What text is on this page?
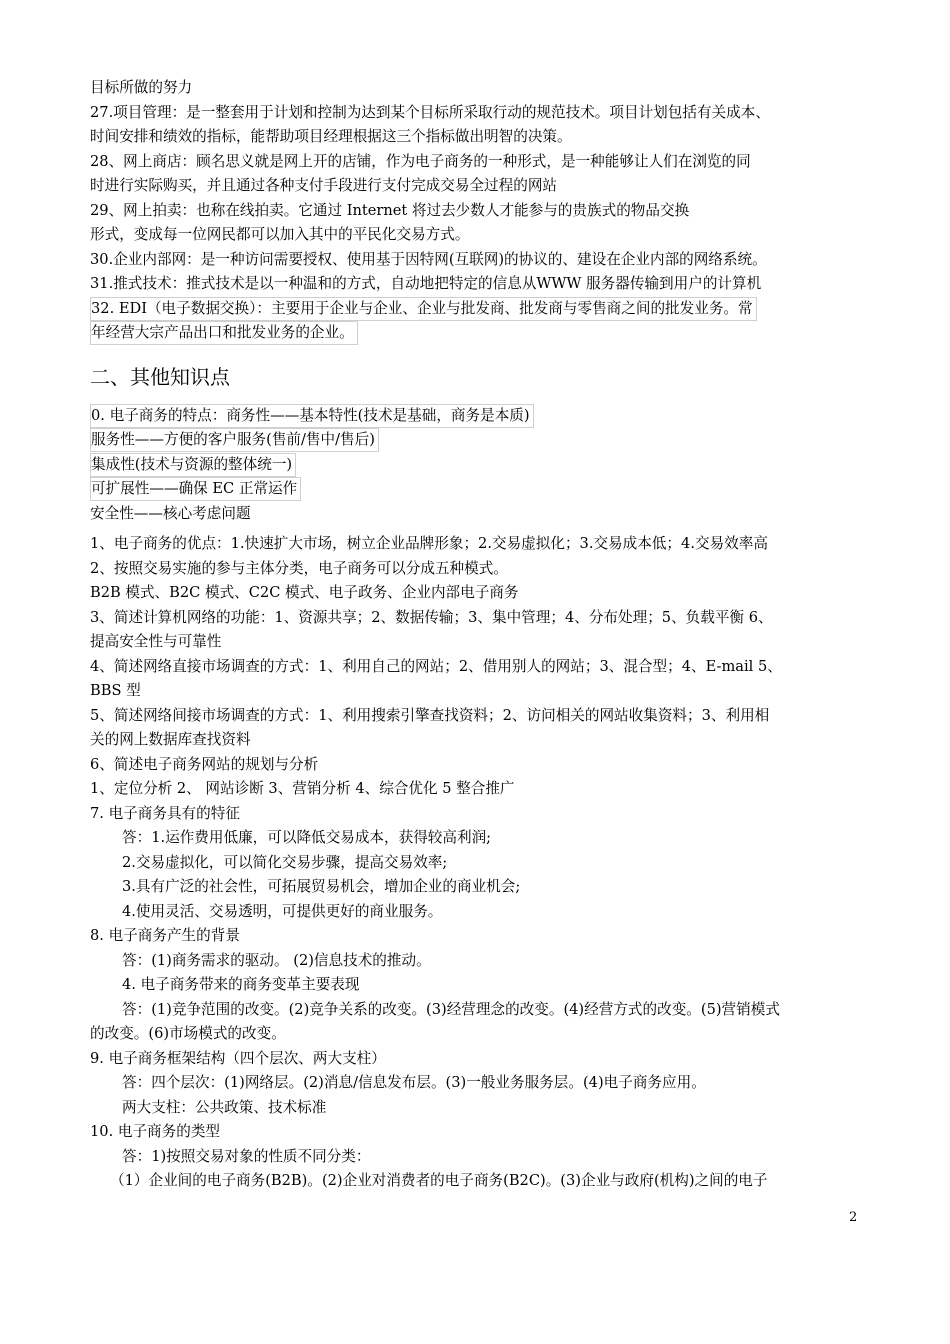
目标所做的努力
27.项目管理：是一整套用于计划和控制为达到某个目标所采取行动的规范技术。项目计划包括有关成本、
时间安排和绩效的指标，能帮助项目经理根据这三个指标做出明智的决策。
28、网上商店：顾名思义就是网上开的店铺，作为电子商务的一种形式，是一种能够让人们在浏览的同
时进行实际购买，并且通过各种支付手段进行支付完成交易全过程的网站
29、网上拍卖：也称在线拍卖。它通过 Internet 将过去少数人才能参与的贵族式的物品交换
形式，变成每一位网民都可以加入其中的平民化交易方式。
30.企业内部网：是一种访问需要授权、使用基于因特网(互联网)的协议的、建设在企业内部的网络系统。
31.推式技术：推式技术是以一种温和的方式，自动地把特定的信息从WWW 服务器传输到用户的计算机
32. EDI（电子数据交换）：主要用于企业与企业、企业与批发商、批发商与零售商之间的批发业务。常
年经营大宗产品出口和批发业务的企业。
二、其他知识点
0. 电子商务的特点：商务性——基本特性(技术是基础，商务是本质)
服务性——方便的客户服务(售前/售中/售后)
集成性(技术与资源的整体统一)
可扩展性——确保 EC 正常运作
安全性——核心考虑问题
1、电子商务的优点：1.快速扩大市场，树立企业品牌形象；2.交易虚拟化；3.交易成本低；4.交易效率高
2、按照交易实施的参与主体分类，电子商务可以分成五种模式。
B2B 模式、B2C 模式、C2C 模式、电子政务、企业内部电子商务
3、简述计算机网络的功能：1、资源共享；2、数据传输；3、集中管理；4、分布处理；5、负载平衡 6、
提高安全性与可靠性
4、简述网络直接市场调查的方式：1、利用自己的网站；2、借用别人的网站；3、混合型；4、E-mail 5、
BBS 型
5、简述网络间接市场调查的方式：1、利用搜索引擎查找资料；2、访问相关的网站收集资料；3、利用相
关的网上数据库查找资料
6、简述电子商务网站的规划与分析
1、定位分析 2、 网站诊断 3、营销分析 4、综合优化 5 整合推广
7. 电子商务具有的特征
答：1.运作费用低廉，可以降低交易成本，获得较高利润;
2.交易虚拟化，可以简化交易步骤，提高交易效率;
3.具有广泛的社会性，可拓展贸易机会，增加企业的商业机会;
4.使用灵活、交易透明，可提供更好的商业服务。
8. 电子商务产生的背景
答：(1)商务需求的驱动。 (2)信息技术的推动。
4. 电子商务带来的商务变革主要表现
答：(1)竞争范围的改变。(2)竞争关系的改变。(3)经营理念的改变。(4)经营方式的改变。(5)营销模式
的改变。(6)市场模式的改变。
9. 电子商务框架结构（四个层次、两大支柱）
答：四个层次：(1)网络层。(2)消息/信息发布层。(3)一般业务服务层。(4)电子商务应用。
两大支柱：公共政策、技术标准
10. 电子商务的类型
答：1)按照交易对象的性质不同分类：
（1）企业间的电子商务(B2B)。(2)企业对消费者的电子商务(B2C)。(3)企业与政府(机构)之间的电子
2
